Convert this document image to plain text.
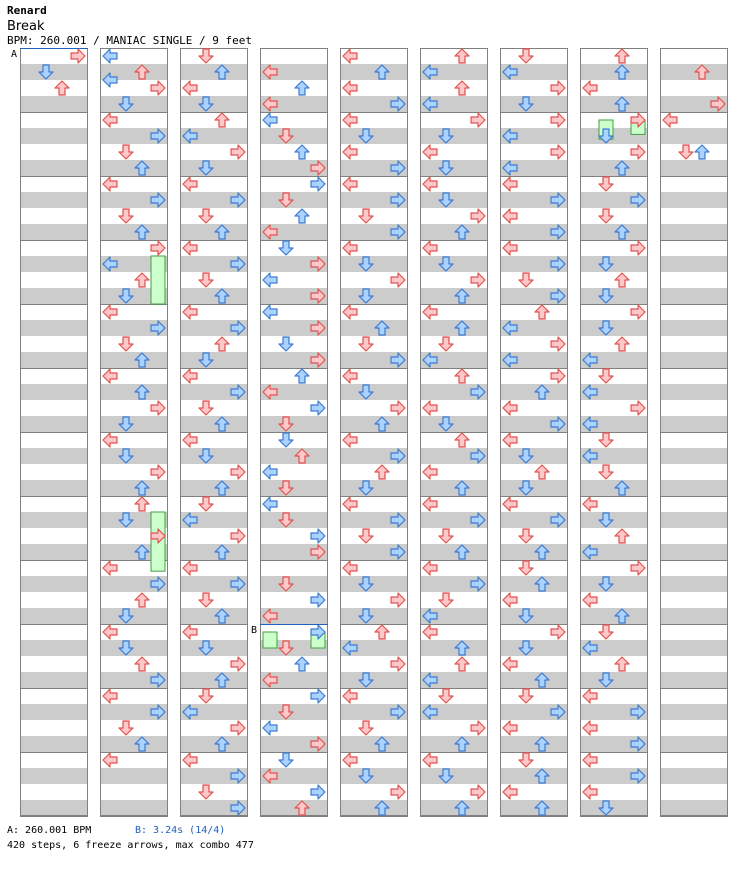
Renard
Break
BPM: 260.001 / MANIAC SINGLE / 9 feet
A
B
A: 260.001 BPM	B: 3.24s (14/4)
420 steps, 6 freeze arrows, max combo 477
